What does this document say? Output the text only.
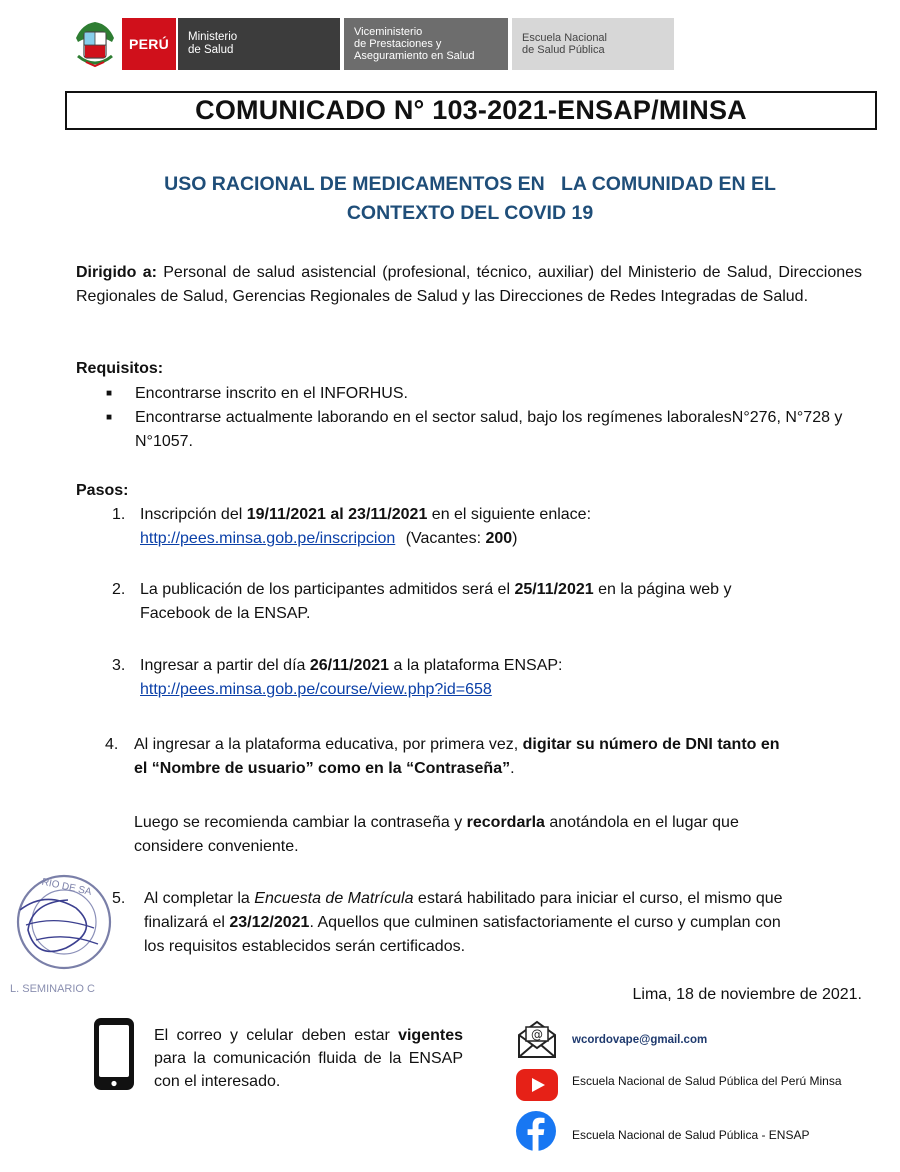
PERÚ	Ministerio
de Salud
Viceministerio
de Prestaciones y
Aseguramiento en Salud
Escuela Nacional
de Salud Pública
COMUNICADO N° 103-2021-ENSAP/MINSA
USO RACIONAL DE MEDICAMENTOS EN   LA COMUNIDAD EN EL
CONTEXTO DEL COVID 19
Dirigido a: Personal de salud asistencial (profesional, técnico, auxiliar) del Ministerio de Salud, Direcciones Regionales de Salud, Gerencias Regionales de Salud y las Direcciones de Redes Integradas de Salud.
Requisitos:
■ Encontrarse inscrito en el INFORHUS.
■ Encontrarse actualmente laborando en el sector salud, bajo los regímenes laboralesN°276, N°728 y N°1057.
Pasos:
1. Inscripción del 19/11/2021 al 23/11/2021 en el siguiente enlace:
http://pees.minsa.gob.pe/inscripcion (Vacantes: 200)
2. La publicación de los participantes admitidos será el 25/11/2021 en la página web y
Facebook de la ENSAP.
3. Ingresar a partir del día 26/11/2021 a la plataforma ENSAP:
http://pees.minsa.gob.pe/course/view.php?id=658
4. Al ingresar a la plataforma educativa, por primera vez, digitar su número de DNI tanto en
el “Nombre de usuario” como en la “Contraseña”.
Luego se recomienda cambiar la contraseña y recordarla anotándola en el lugar que
considere conveniente.
5. Al completar la Encuesta de Matrícula estará habilitado para iniciar el curso, el mismo que
finalizará el 23/12/2021. Aquellos que culminen satisfactoriamente el curso y cumplan con
los requisitos establecidos serán certificados.
RIO DE SA
L. SEMINARIO C	Lima, 18 de noviembre de 2021.
El correo y celular deben estar vigentes para la comunicación fluida de la ENSAP con el interesado.
@	wcordovape@gmail.com
Escuela Nacional de Salud Pública del Perú Minsa
Escuela Nacional de Salud Pública - ENSAP
